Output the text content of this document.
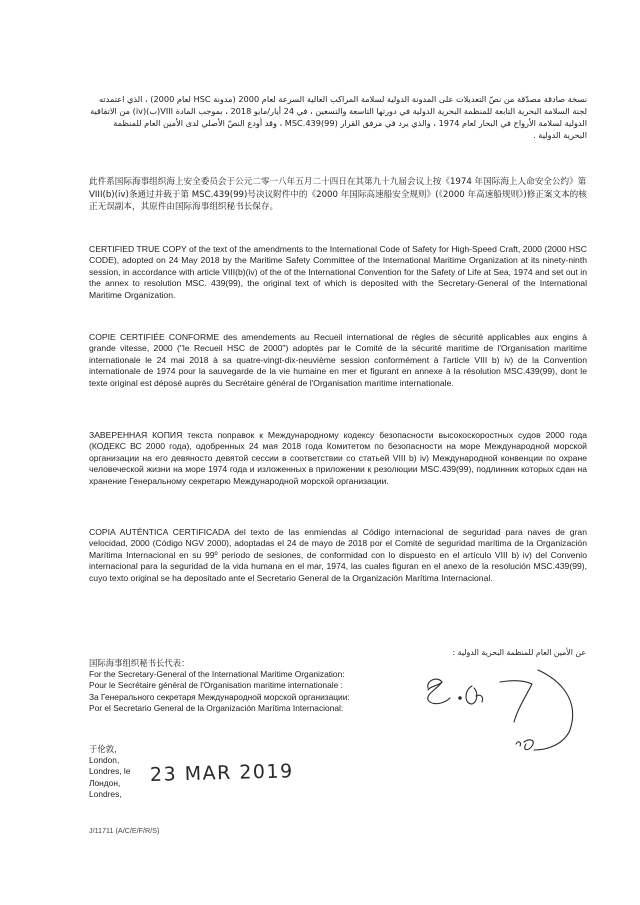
نسخة صادقة مصدّقة من نصّ التعديلات على المدونة الدولية لسلامة المراكب العالية السرعة لعام 2000 (مدونة HSC لعام 2000) ، الذي اعتمدته لجنة السلامة البحرية التابعة للمنظمة البحرية الدولية في دورتها التاسعة والتسعين ، في 24 أيار/مايو 2018 ، بموجب المادة VIII(ب)(iv) من الاتفاقية الدولية لسلامة الأرواح في البحار لعام 1974 ، والذي يرد في مرفق القرار MSC.439(99) ، وقد أودع النصّ الأصلي لدى الأمين العام للمنظمة البحرية الدولية .

此件系国际海事组织海上安全委员会于公元二零一八年五月二十四日在其第九十九届会议上按《1974 年国际海上人命安全公约》第 VIII(b)(iv)条通过并载于第 MSC.439(99)号决议附件中的《2000 年国际高速船安全规则》(《2000 年高速船规则》)修正案文本的核正无误副本，其原件由国际海事组织秘书长保存。

CERTIFIED TRUE COPY of the text of the amendments to the International Code of Safety for High-Speed Craft, 2000 (2000 HSC CODE), adopted on 24 May 2018 by the Maritime Safety Committee of the International Maritime Organization at its ninety-ninth session, in accordance with article VIII(b)(iv) of the of the International Convention for the Safety of Life at Sea, 1974 and set out in the annex to resolution MSC. 439(99), the original text of which is deposited with the Secretary-General of the International Maritime Organization.

COPIE CERTIFIÉE CONFORME des amendements au Recueil international de règles de sécurité applicables aux engins à grande vitesse, 2000 ("le Recueil HSC de 2000") adoptés par le Comité de la sécurité maritime de l'Organisation maritime internationale le 24 mai 2018 à sa quatre-vingt-dix-neuvième session conformément à l'article VIII b) iv) de la Convention internationale de 1974 pour la sauvegarde de la vie humaine en mer et figurant en annexe à la résolution MSC.439(99), dont le texte original est déposé auprès du Secrétaire général de l'Organisation maritime internationale.

ЗАВЕРЕННАЯ КОПИЯ текста поправок к Международному кодексу безопасности высокоскоростных судов 2000 года (КОДЕКС ВС 2000 года), одобренных 24 мая 2018 года Комитетом по безопасности на море Международной морской организации на его девяносто девятой сессии в соответствии со статьей VIII b) iv) Международной конвенции по охране человеческой жизни на море 1974 года и изложенных в приложении к резолюции MSC.439(99), подлинник которых сдан на хранение Генеральному секретарю Международной морской организации.

COPIA AUTÉNTICA CERTIFICADA del texto de las enmiendas al Código internacional de seguridad para naves de gran velocidad, 2000 (Código NGV 2000), adoptadas el 24 de mayo de 2018 por el Comité de seguridad marítima de la Organización Marítima Internacional en su 99º periodo de sesiones, de conformidad con lo dispuesto en el artículo VIII b) iv) del Convenio internacional para la seguridad de la vida humana en el mar, 1974, las cuales figuran en el anexo de la resolución MSC.439(99), cuyo texto original se ha depositado ante el Secretario General de la Organización Marítima Internacional.

عن الأمين العام للمنظمة البحرية الدولية :
国际海事组织秘书长代表：
For the Secretary-General of the International Maritime Organization:
Pour le Secrétaire général de l'Organisation maritime internationale :
За Генерального секретаря Международной морской организации:
Por el Secretario General de la Organización Marítima Internacional:
于伦敦，
London,
Londres, le
Лондон,
Londres,
23 MAR 2019
J/11711 (A/C/E/F/R/S)
